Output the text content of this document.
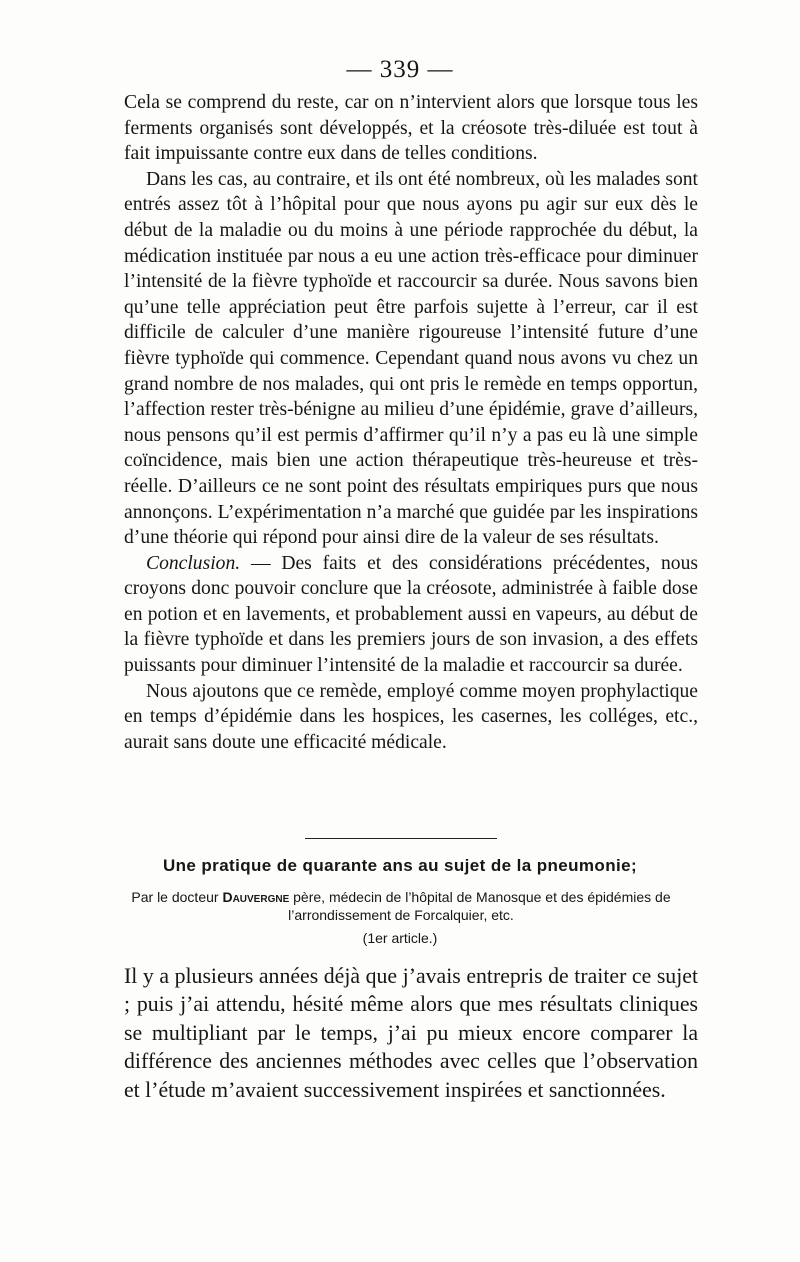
— 339 —

Cela se comprend du reste, car on n’intervient alors que lorsque tous les ferments organisés sont développés, et la créosote très-diluée est tout à fait impuissante contre eux dans de telles conditions.

Dans les cas, au contraire, et ils ont été nombreux, où les malades sont entrés assez tôt à l’hôpital pour que nous ayons pu agir sur eux dès le début de la maladie ou du moins à une période rapprochée du début, la médication instituée par nous a eu une action très-efficace pour diminuer l’intensité de la fièvre typhoïde et raccourcir sa durée. Nous savons bien qu’une telle appréciation peut être parfois sujette à l’erreur, car il est difficile de calculer d’une manière rigoureuse l’intensité future d’une fièvre typhoïde qui commence. Cependant quand nous avons vu chez un grand nombre de nos malades, qui ont pris le remède en temps opportun, l’affection rester très-bénigne au milieu d’une épidémie, grave d’ailleurs, nous pensons qu’il est permis d’affirmer qu’il n’y a pas eu là une simple coïncidence, mais bien une action thérapeutique très-heureuse et très-réelle. D’ailleurs ce ne sont point des résultats empiriques purs que nous annonçons. L’expérimentation n’a marché que guidée par les inspirations d’une théorie qui répond pour ainsi dire de la valeur de ses résultats.

Conclusion. — Des faits et des considérations précédentes, nous croyons donc pouvoir conclure que la créosote, administrée à faible dose en potion et en lavements, et probablement aussi en vapeurs, au début de la fièvre typhoïde et dans les premiers jours de son invasion, a des effets puissants pour diminuer l’intensité de la maladie et raccourcir sa durée.

Nous ajoutons que ce remède, employé comme moyen prophylactique en temps d’épidémie dans les hospices, les casernes, les colléges, etc., aurait sans doute une efficacité médicale.

Une pratique de quarante ans au sujet de la pneumonie;
Par le docteur Dauvergne père, médecin de l’hôpital de Manosque et des épidémies de l’arrondissement de Forcalquier, etc.
(1er article.)

Il y a plusieurs années déjà que j’avais entrepris de traiter ce sujet ; puis j’ai attendu, hésité même alors que mes résultats cliniques se multipliant par le temps, j’ai pu mieux encore comparer la différence des anciennes méthodes avec celles que l’observation et l’étude m’avaient successivement inspirées et sanctionnées.
